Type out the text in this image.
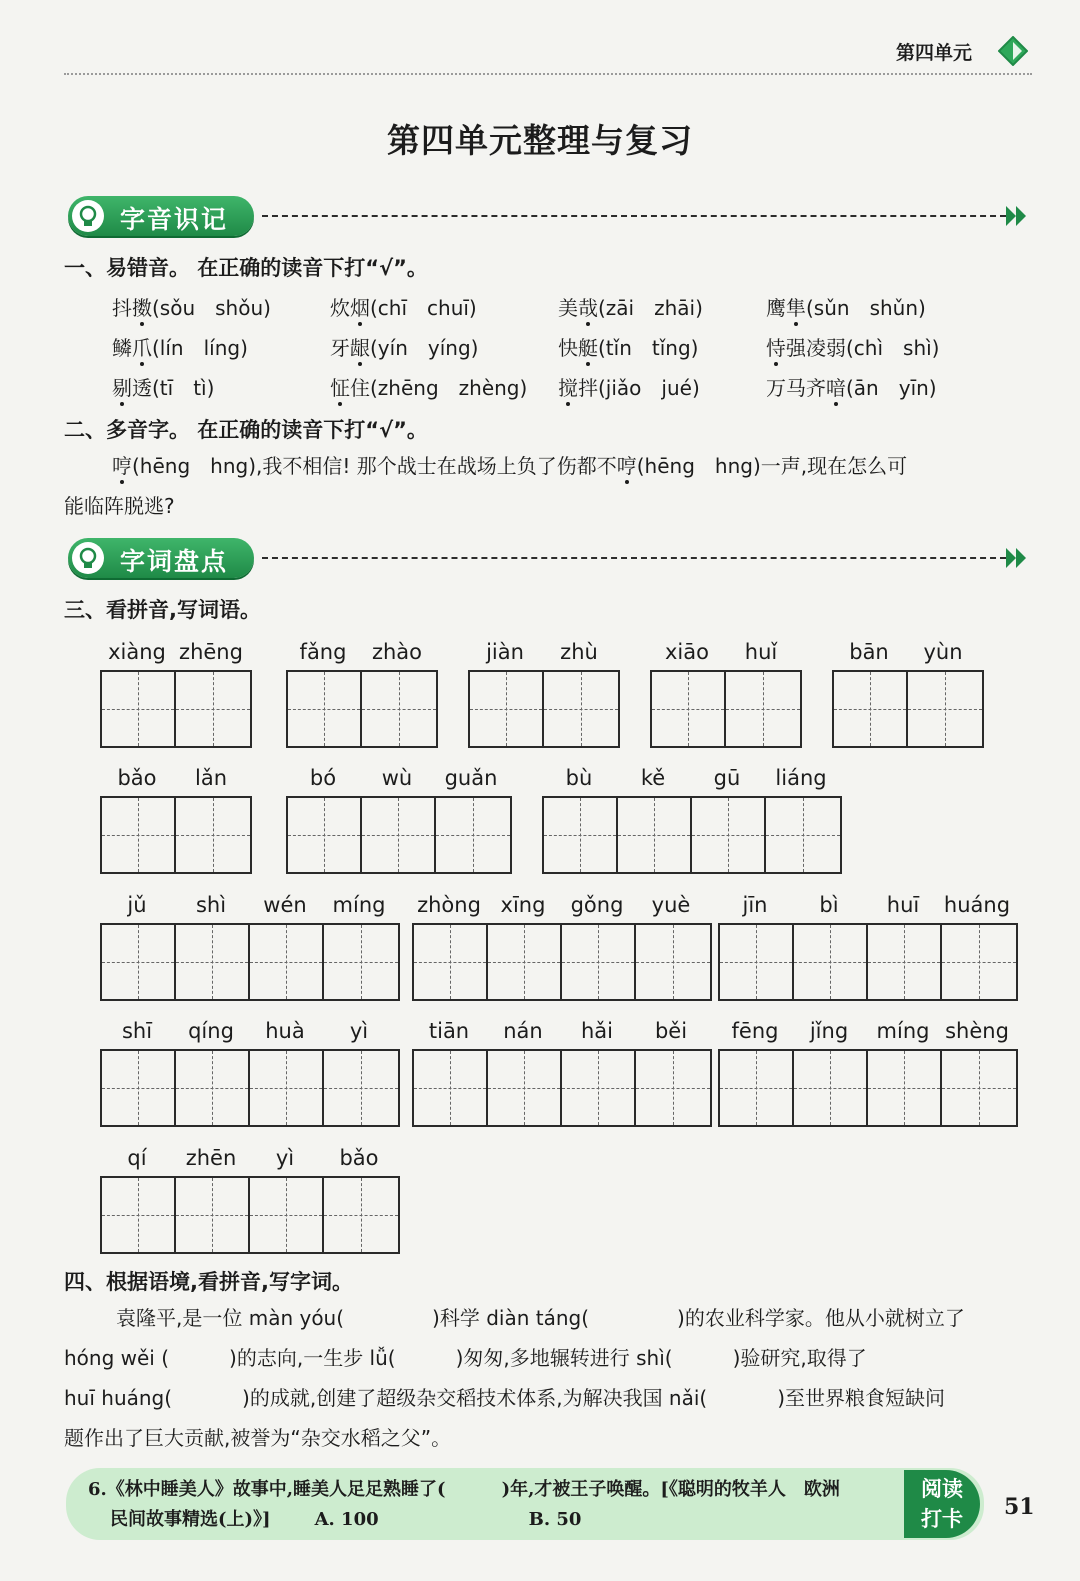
第四单元
第四单元整理与复习
字音识记
一、易错音。 在正确的读音下打“√”。
抖擞(sǒu　shǒu)	炊烟(chī　chuī)	美哉(zāi　zhāi)	鹰隼(sǔn　shǔn)
鳞爪(lín　líng)	牙龈(yín　yíng)	快艇(tǐn　tǐng)	恃强凌弱(chì　shì)
剔透(tī　tì)	怔住(zhēng　zhèng) 搅拌(jiǎo　jué)	万马齐喑(ān　yīn)
二、多音字。 在正确的读音下打“√”。
哼(hēng　hng),我不相信! 那个战士在战场上负了伤都不哼(hēng　hng)一声,现在怎么可
能临阵脱逃?
字词盘点
三、看拼音,写词语。
xiàng zhēng	fǎng	zhào	jiàn	zhù	xiāo	huǐ	bān	yùn
bǎo	lǎn	bó	wù	guǎn	bù	kě	gū	liáng
jǔ	shì	wén	míng	zhòng xīng	gǒng	yuè	jīn	bì	huī	huáng
shī	qíng	huà	yì	tiān	nán	hǎi	běi	fēng	jǐng	míng shèng
qí	zhēn	yì	bǎo
四、根据语境,看拼音,写字词。
袁隆平,是一位 màn yóu(	)科学 diàn táng(	)的农业科学家。他从小就树立了
hóng wěi (	)的志向,一生步 lǚ(	)匆匆,多地辗转进行 shì(	)验研究,取得了
huī huáng(	)的成就,创建了超级杂交稻技术体系,为解决我国 nǎi(	)至世界粮食短缺问
题作出了巨大贡献,被誉为“杂交水稻之父”。
6.《林中睡美人》故事中,睡美人足足熟睡了(	)年,才被王子唤醒。[《聪明的牧羊人　欧洲
民间故事精选(上)》] A. 100	B. 50
阅读
打卡	51
